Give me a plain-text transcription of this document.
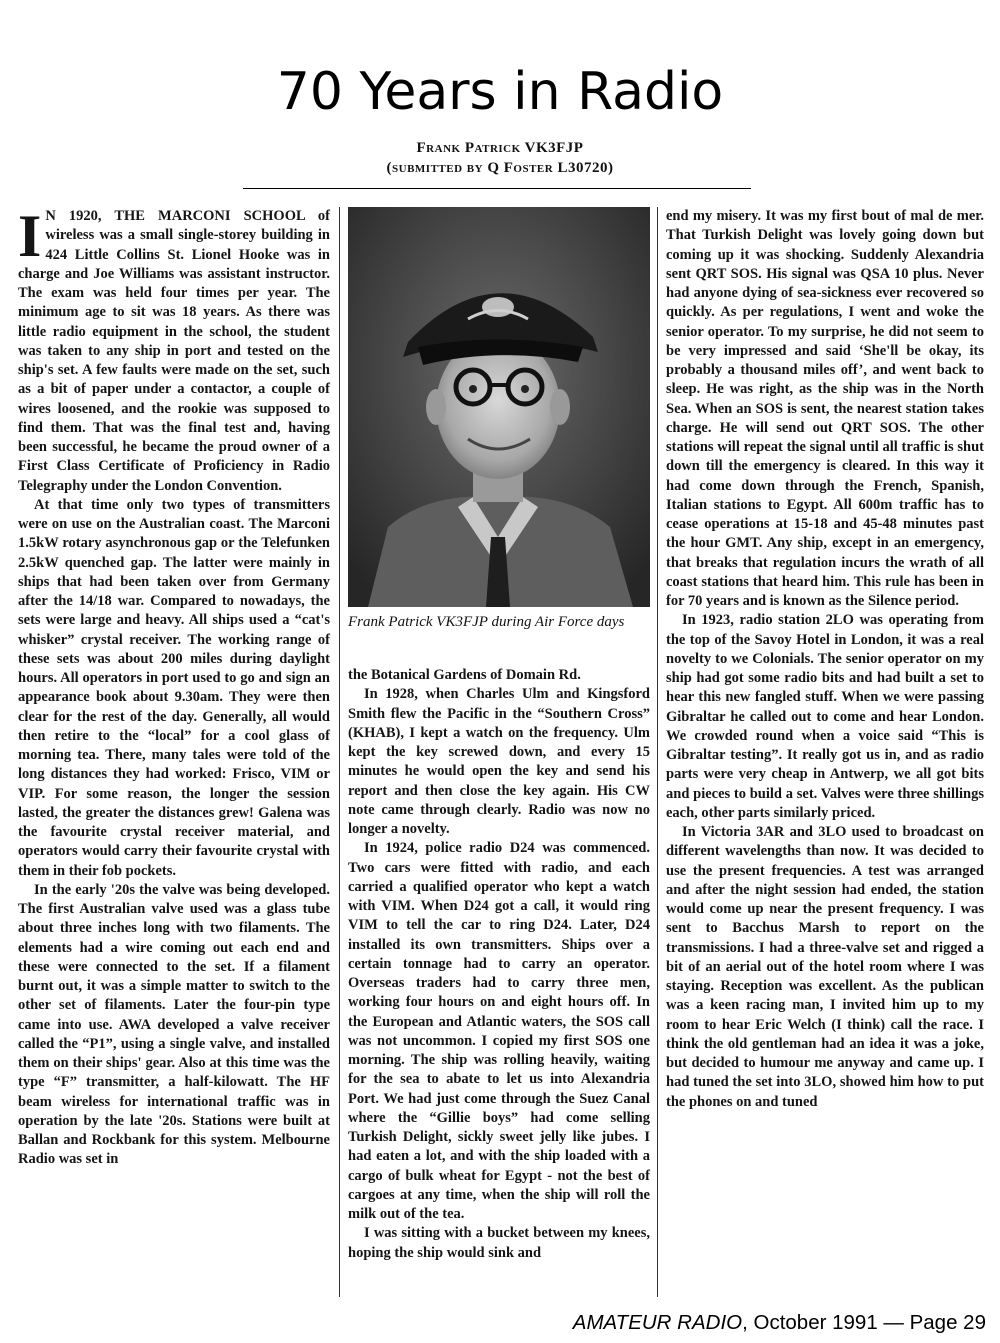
70 Years in Radio
Frank Patrick VK3FJP
(submitted by Q Foster L30720)

I N 1920, THE MARCONI SCHOOL of wireless was a small single-storey building in 424 Little Collins St. Lionel Hooke was in charge and Joe Williams was assistant instructor. The exam was held four times per year. The minimum age to sit was 18 years. As there was little radio equipment in the school, the student was taken to any ship in port and tested on the ship's set. A few faults were made on the set, such as a bit of paper under a contactor, a couple of wires loosened, and the rookie was supposed to find them. That was the final test and, having been successful, he became the proud owner of a First Class Certificate of Proficiency in Radio Telegraphy under the London Convention.

At that time only two types of transmitters were on use on the Australian coast. The Marconi 1.5kW rotary asynchronous gap or the Telefunken 2.5kW quenched gap. The latter were mainly in ships that had been taken over from Germany after the 14/18 war. Compared to nowadays, the sets were large and heavy. All ships used a “cat's whisker” crystal receiver. The working range of these sets was about 200 miles during daylight hours. All operators in port used to go and sign an appearance book about 9.30am. They were then clear for the rest of the day. Generally, all would then retire to the “local” for a cool glass of morning tea. There, many tales were told of the long distances they had worked: Frisco, VIM or VIP. For some reason, the longer the session lasted, the greater the distances grew! Galena was the favourite crystal receiver material, and operators would carry their favourite crystal with them in their fob pockets.

In the early '20s the valve was being developed. The first Australian valve used was a glass tube about three inches long with two filaments. The elements had a wire coming out each end and these were connected to the set. If a filament burnt out, it was a simple matter to switch to the other set of filaments. Later the four-pin type came into use. AWA developed a valve receiver called the “P1”, using a single valve, and installed them on their ships' gear. Also at this time was the type “F” transmitter, a half-kilowatt. The HF beam wireless for international traffic was in operation by the late '20s. Stations were built at Ballan and Rockbank for this system. Melbourne Radio was set in

Frank Patrick VK3FJP during Air Force days

the Botanical Gardens of Domain Rd.

In 1928, when Charles Ulm and Kingsford Smith flew the Pacific in the “Southern Cross” (KHAB), I kept a watch on the frequency. Ulm kept the key screwed down, and every 15 minutes he would open the key and send his report and then close the key again. His CW note came through clearly. Radio was now no longer a novelty.

In 1924, police radio D24 was commenced. Two cars were fitted with radio, and each carried a qualified operator who kept a watch with VIM. When D24 got a call, it would ring VIM to tell the car to ring D24. Later, D24 installed its own transmitters. Ships over a certain tonnage had to carry an operator. Overseas traders had to carry three men, working four hours on and eight hours off. In the European and Atlantic waters, the SOS call was not uncommon. I copied my first SOS one morning. The ship was rolling heavily, waiting for the sea to abate to let us into Alexandria Port. We had just come through the Suez Canal where the “Gillie boys” had come selling Turkish Delight, sickly sweet jelly like jubes. I had eaten a lot, and with the ship loaded with a cargo of bulk wheat for Egypt - not the best of cargoes at any time, when the ship will roll the milk out of the tea.

I was sitting with a bucket between my knees, hoping the ship would sink and

end my misery. It was my first bout of mal de mer. That Turkish Delight was lovely going down but coming up it was shocking. Suddenly Alexandria sent QRT SOS. His signal was QSA 10 plus. Never had anyone dying of sea-sickness ever recovered so quickly. As per regulations, I went and woke the senior operator. To my surprise, he did not seem to be very impressed and said ‘She'll be okay, its probably a thousand miles off’, and went back to sleep. He was right, as the ship was in the North Sea. When an SOS is sent, the nearest station takes charge. He will send out QRT SOS. The other stations will repeat the signal until all traffic is shut down till the emergency is cleared. In this way it had come down through the French, Spanish, Italian stations to Egypt. All 600m traffic has to cease operations at 15-18 and 45-48 minutes past the hour GMT. Any ship, except in an emergency, that breaks that regulation incurs the wrath of all coast stations that heard him. This rule has been in for 70 years and is known as the Silence period.

In 1923, radio station 2LO was operating from the top of the Savoy Hotel in London, it was a real novelty to we Colonials. The senior operator on my ship had got some radio bits and had built a set to hear this new fangled stuff. When we were passing Gibraltar he called out to come and hear London. We crowded round when a voice said “This is Gibraltar testing”. It really got us in, and as radio parts were very cheap in Antwerp, we all got bits and pieces to build a set. Valves were three shillings each, other parts similarly priced.

In Victoria 3AR and 3LO used to broadcast on different wavelengths than now. It was decided to use the present frequencies. A test was arranged and after the night session had ended, the station would come up near the present frequency. I was sent to Bacchus Marsh to report on the transmissions. I had a three-valve set and rigged a bit of an aerial out of the hotel room where I was staying. Reception was excellent. As the publican was a keen racing man, I invited him up to my room to hear Eric Welch (I think) call the race. I think the old gentleman had an idea it was a joke, but decided to humour me anyway and came up. I had tuned the set into 3LO, showed him how to put the phones on and tuned

AMATEUR RADIO, October 1991 — Page 29
